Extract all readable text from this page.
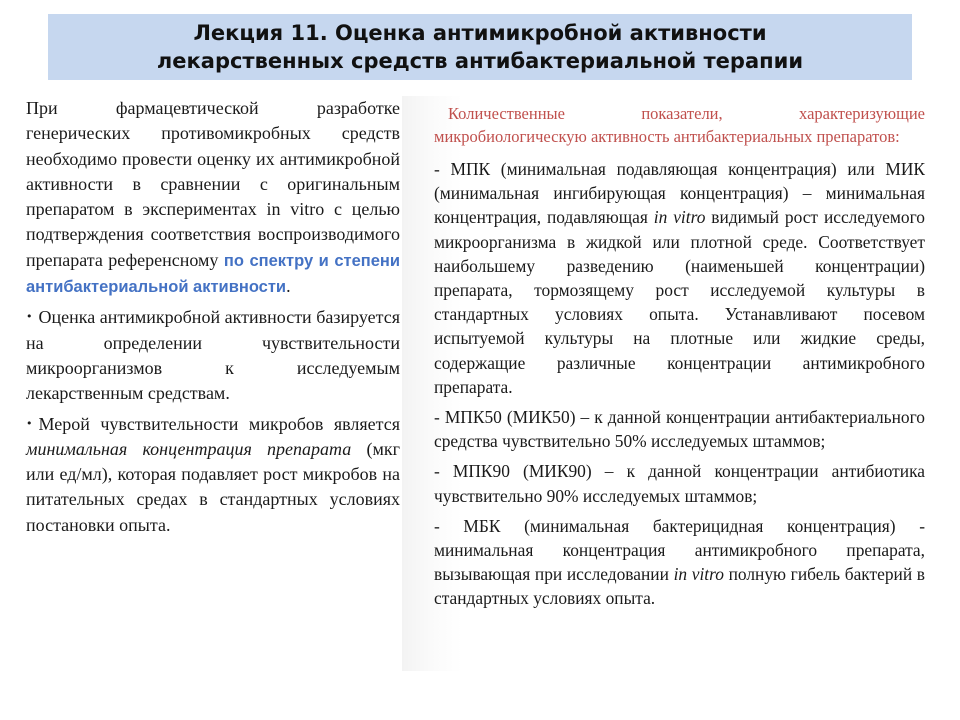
Лекция 11. Оценка антимикробной активности
лекарственных средств антибактериальной терапии

При фармацевтической разработке генерических противомикробных средств необходимо провести оценку их антимикробной активности в сравнении с оригинальным препаратом в экспериментах in vitro с целью подтверждения соответствия воспроизводимого препарата референсному по спектру и степени антибактериальной активности.

• Оценка антимикробной активности базируется на определении чувствительности микроорганизмов к исследуемым лекарственным средствам.

• Мерой чувствительности микробов является минимальная концентрация препарата (мкг или ед/мл), которая подавляет рост микробов на питательных средах в стандартных условиях постановки опыта.

Количественные показатели, характеризующие микробиологическую активность антибактериальных препаратов:

- МПК (минимальная подавляющая концентрация) или МИК (минимальная ингибирующая концентрация) – минимальная концентрация, подавляющая in vitro видимый рост исследуемого микроорганизма в жидкой или плотной среде. Соответствует наибольшему разведению (наименьшей концентрации) препарата, тормозящему рост исследуемой культуры в стандартных условиях опыта. Устанавливают посевом испытуемой культуры на плотные или жидкие среды, содержащие различные концентрации антимикробного препарата.

- МПК50 (МИК50) – к данной концентрации антибактериального средства чувствительно 50% исследуемых штаммов;

- МПК90 (МИК90) – к данной концентрации антибиотика чувствительно 90% исследуемых штаммов;

- МБК (минимальная бактерицидная концентрация) - минимальная концентрация антимикробного препарата, вызывающая при исследовании in vitro полную гибель бактерий в стандартных условиях опыта.
